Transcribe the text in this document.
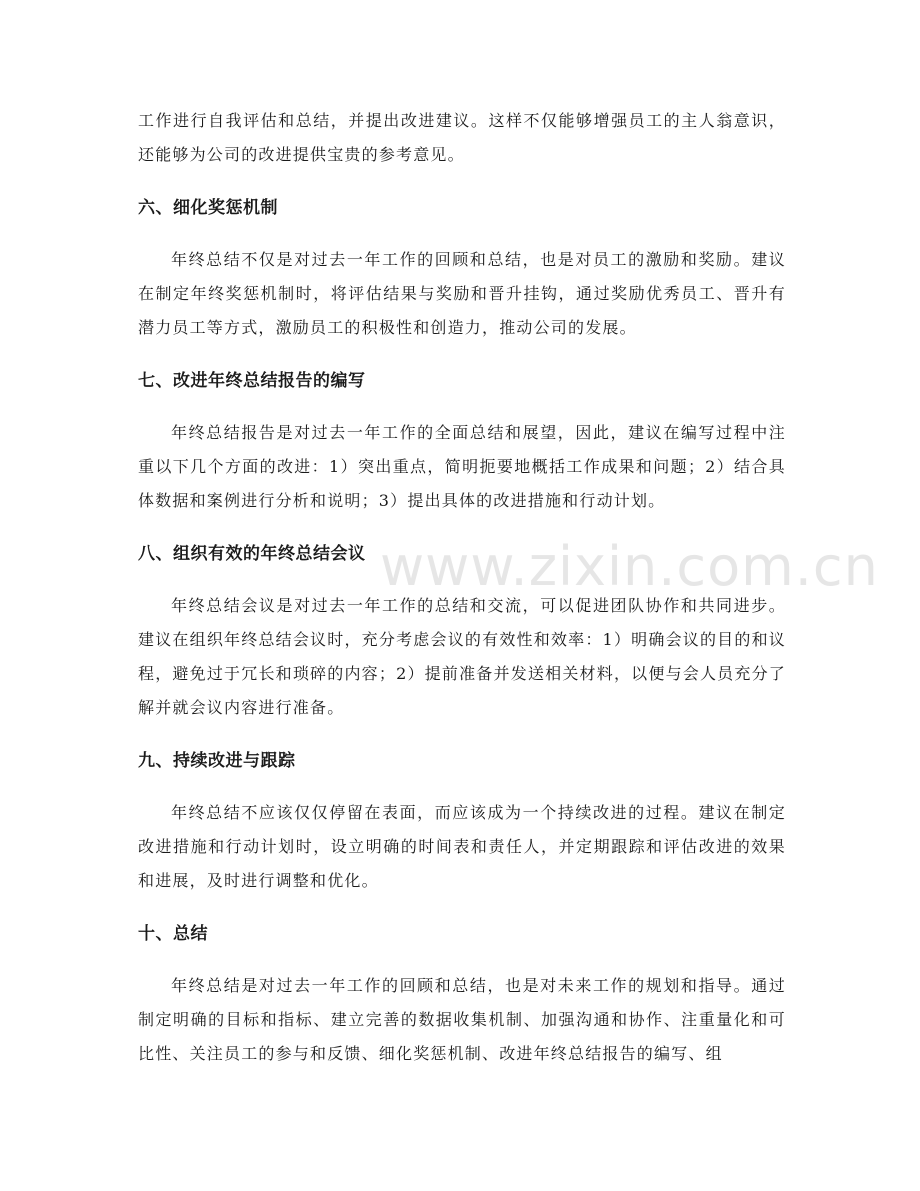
www.zixin.com.cn

工作进行自我评估和总结，并提出改进建议。这样不仅能够增强员工的主人翁意识，还能够为公司的改进提供宝贵的参考意见。

六、细化奖惩机制

年终总结不仅是对过去一年工作的回顾和总结，也是对员工的激励和奖励。建议在制定年终奖惩机制时，将评估结果与奖励和晋升挂钩，通过奖励优秀员工、晋升有潜力员工等方式，激励员工的积极性和创造力，推动公司的发展。

七、改进年终总结报告的编写

年终总结报告是对过去一年工作的全面总结和展望，因此，建议在编写过程中注重以下几个方面的改进：1）突出重点，简明扼要地概括工作成果和问题；2）结合具体数据和案例进行分析和说明；3）提出具体的改进措施和行动计划。

八、组织有效的年终总结会议

年终总结会议是对过去一年工作的总结和交流，可以促进团队协作和共同进步。建议在组织年终总结会议时，充分考虑会议的有效性和效率：1）明确会议的目的和议程，避免过于冗长和琐碎的内容；2）提前准备并发送相关材料，以便与会人员充分了解并就会议内容进行准备。

九、持续改进与跟踪

年终总结不应该仅仅停留在表面，而应该成为一个持续改进的过程。建议在制定改进措施和行动计划时，设立明确的时间表和责任人，并定期跟踪和评估改进的效果和进展，及时进行调整和优化。

十、总结

年终总结是对过去一年工作的回顾和总结，也是对未来工作的规划和指导。通过制定明确的目标和指标、建立完善的数据收集机制、加强沟通和协作、注重量化和可比性、关注员工的参与和反馈、细化奖惩机制、改进年终总结报告的编写、组
